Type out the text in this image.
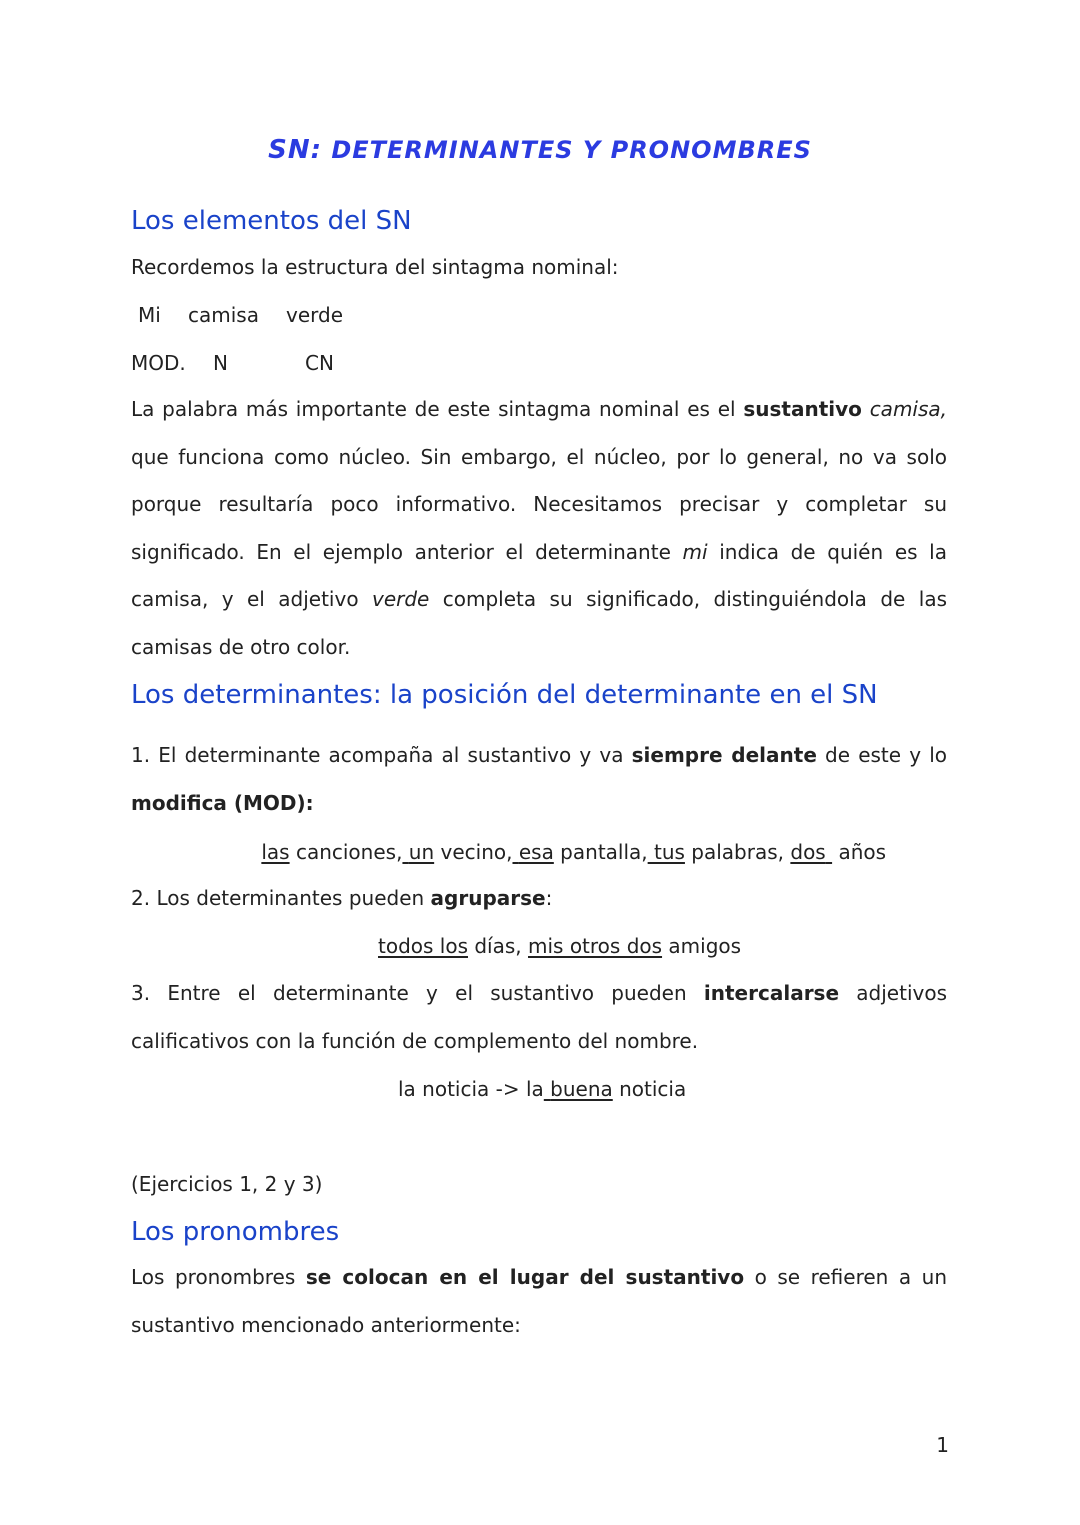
SN: DETERMINANTES Y PRONOMBRES
Los elementos del SN
Recordemos la estructura del sintagma nominal:
Mi camisa verde
MOD. N	CN
La palabra más importante de este sintagma nominal es el sustantivo camisa, que funciona como núcleo. Sin embargo, el núcleo, por lo general, no va solo porque resultaría poco informativo. Necesitamos precisar y completar su significado. En el ejemplo anterior el determinante mi indica de quién es la camisa, y el adjetivo verde completa su significado, distinguiéndola de las camisas de otro color.
Los determinantes: la posición del determinante en el SN
1. El determinante acompaña al sustantivo y va siempre delante de este y lo modifica (MOD):
las canciones, un vecino, esa pantalla, tus palabras, dos  años
2. Los determinantes pueden agruparse:
todos los días, mis otros dos amigos
3. Entre el determinante y el sustantivo pueden intercalarse adjetivos calificativos con la función de complemento del nombre.
la noticia -> la buena noticia
(Ejercicios 1, 2 y 3)
Los pronombres
Los pronombres se colocan en el lugar del sustantivo o se refieren a un sustantivo mencionado anteriormente:
1
